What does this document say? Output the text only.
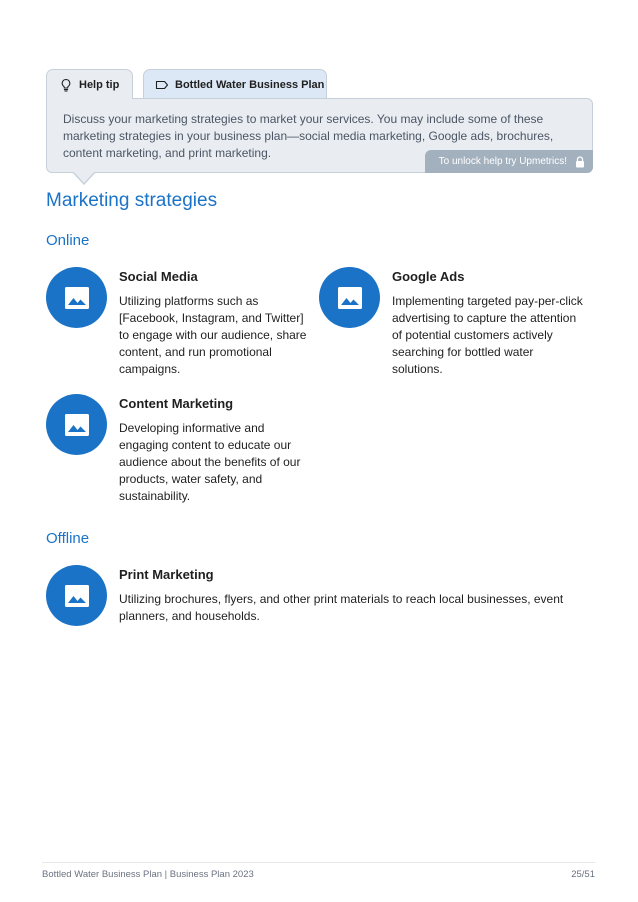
Help tip	Bottled Water Business Plan

Discuss your marketing strategies to market your services. You may include some of these marketing strategies in your business plan—social media marketing, Google ads, brochures, content marketing, and print marketing.

To unlock help try Upmetrics!
Marketing strategies
Online
Social Media
Utilizing platforms such as [Facebook, Instagram, and Twitter] to engage with our audience, share content, and run promotional campaigns.
Google Ads
Implementing targeted pay-per-click advertising to capture the attention of potential customers actively searching for bottled water solutions.
Content Marketing
Developing informative and engaging content to educate our audience about the benefits of our products, water safety, and sustainability.
Offline
Print Marketing
Utilizing brochures, flyers, and other print materials to reach local businesses, event planners, and households.
Bottled Water Business Plan | Business Plan 2023	25/51
